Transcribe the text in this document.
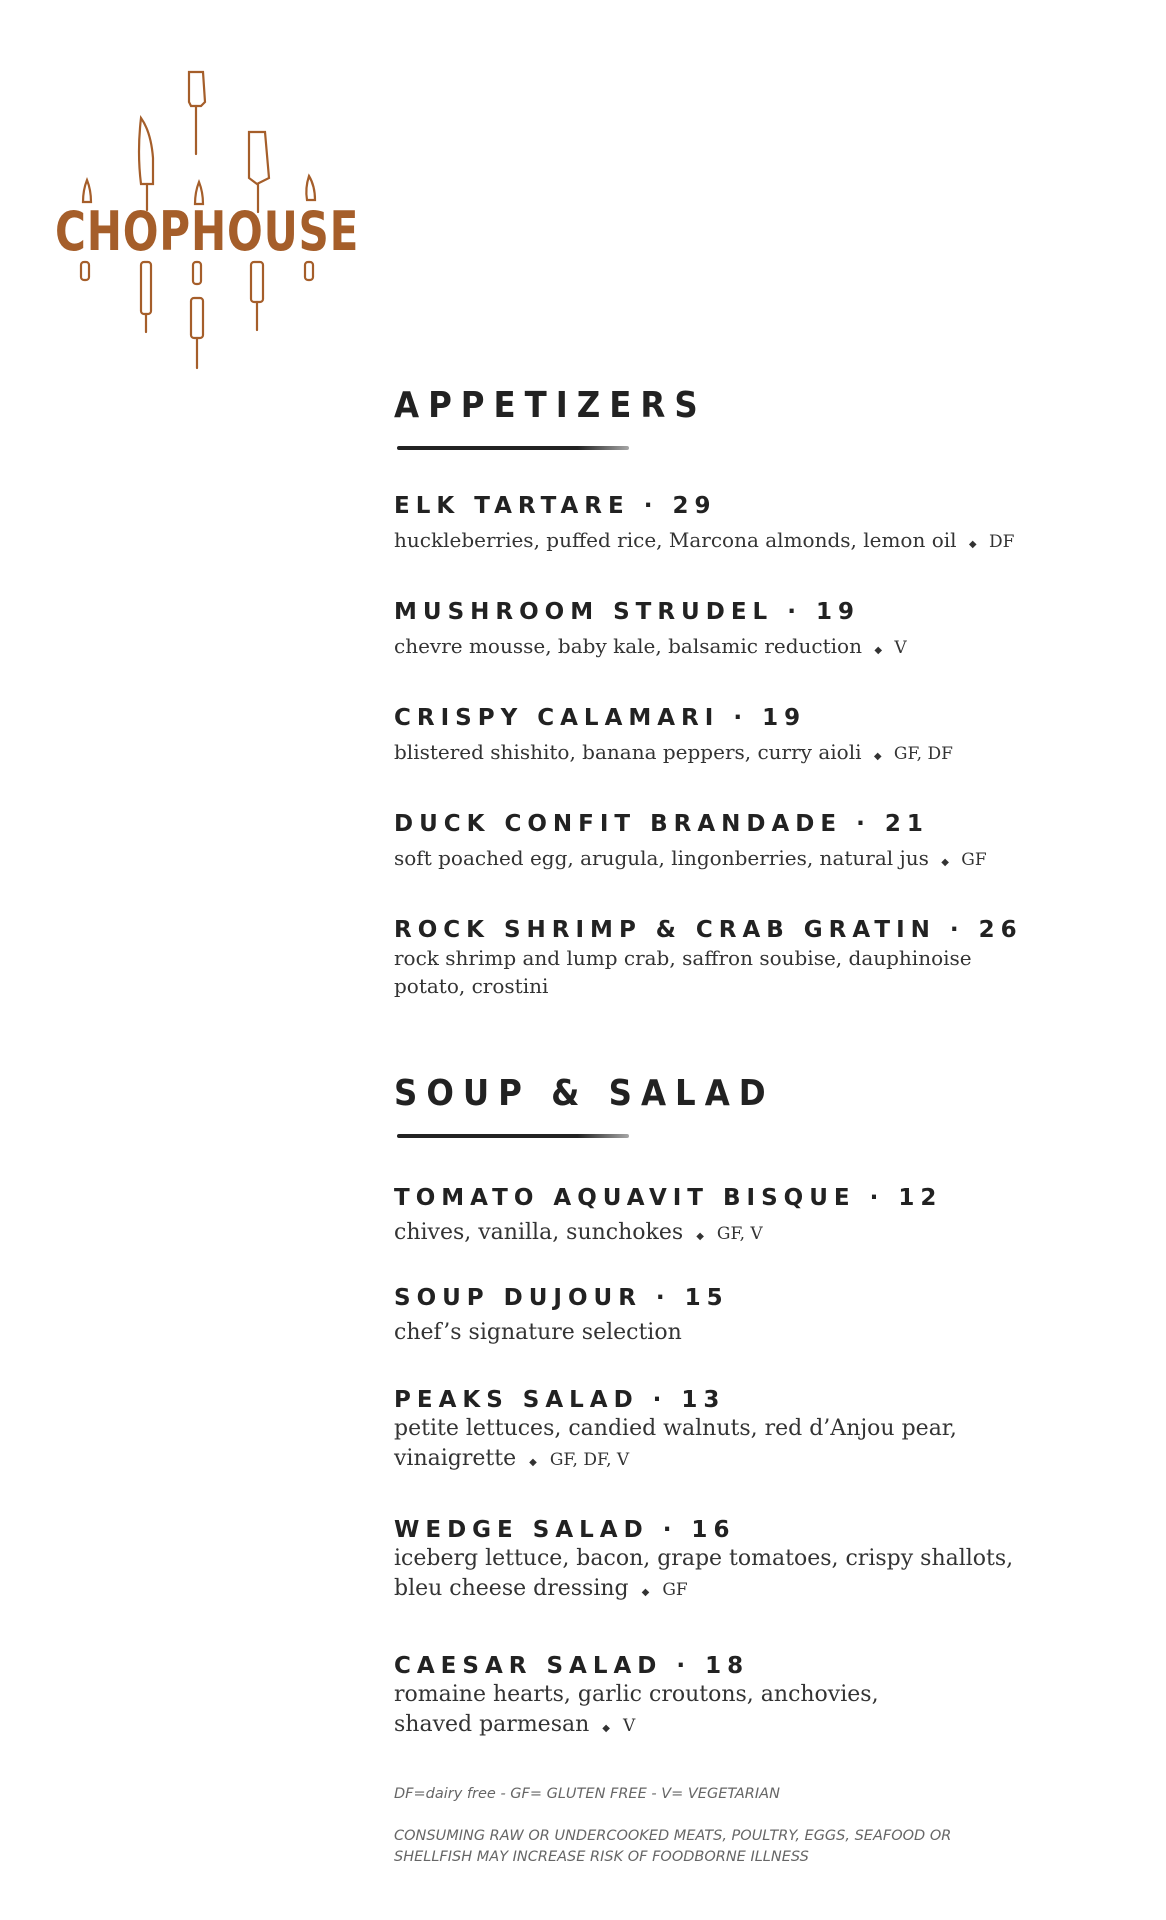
CHOPHOUSE
APPETIZERS
ELK TARTARE · 29
huckleberries, puffed rice, Marcona almonds, lemon oil ◆ DF
MUSHROOM STRUDEL · 19
chevre mousse, baby kale, balsamic reduction ◆ V
CRISPY CALAMARI · 19
blistered shishito, banana peppers, curry aioli ◆ GF, DF
DUCK CONFIT BRANDADE · 21
soft poached egg, arugula, lingonberries, natural jus ◆ GF
ROCK SHRIMP & CRAB GRATIN · 26
rock shrimp and lump crab, saffron soubise, dauphinoise potato, crostini
SOUP & SALAD
TOMATO AQUAVIT BISQUE · 12
chives, vanilla, sunchokes ◆ GF, V
SOUP DUJOUR · 15
chef’s signature selection
PEAKS SALAD · 13
petite lettuces, candied walnuts, red d’Anjou pear, vinaigrette ◆ GF, DF, V
WEDGE SALAD · 16
iceberg lettuce, bacon, grape tomatoes, crispy shallots, bleu cheese dressing ◆ GF
CAESAR SALAD · 18
romaine hearts, garlic croutons, anchovies, shaved parmesan ◆ V
DF=dairy free - GF= GLUTEN FREE - V= VEGETARIAN
CONSUMING RAW OR UNDERCOOKED MEATS, POULTRY, EGGS, SEAFOOD OR SHELLFISH MAY INCREASE RISK OF FOODBORNE ILLNESS
